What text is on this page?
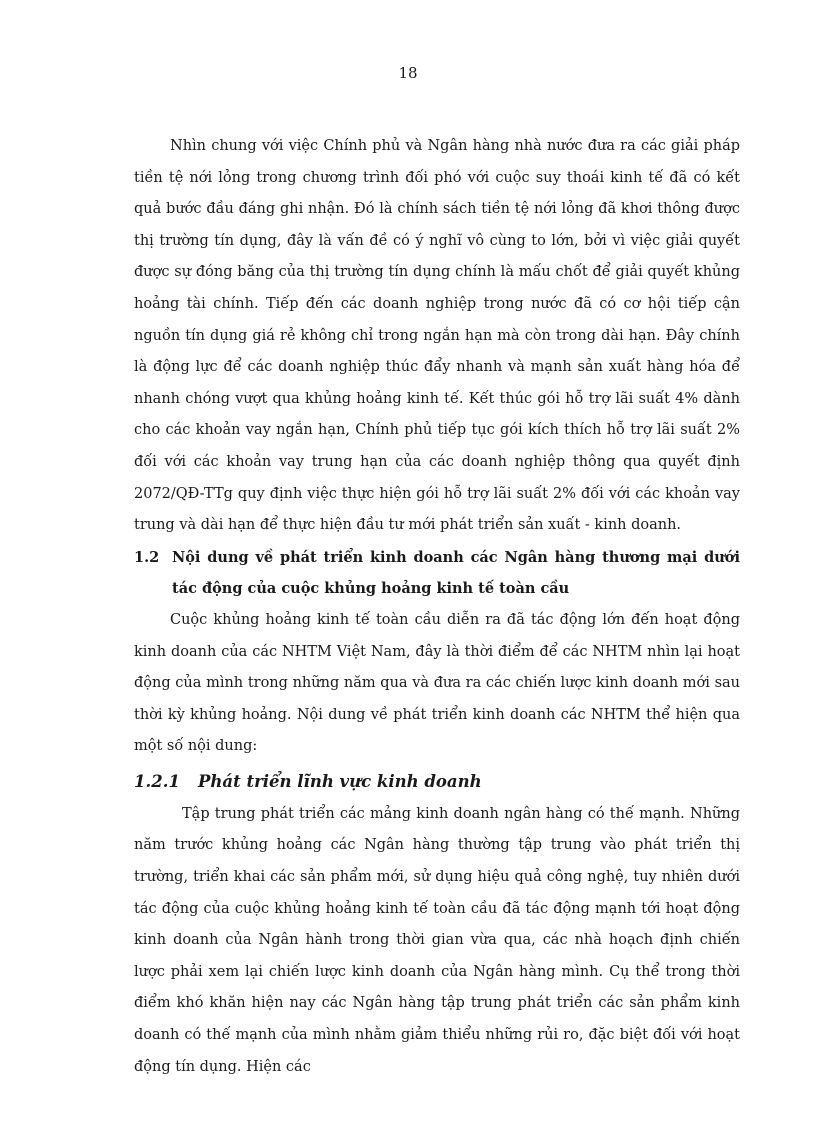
18

Nhìn chung với việc Chính phủ và Ngân hàng nhà nước đưa ra các giải pháp tiền tệ nới lỏng trong chương trình đối phó với cuộc suy thoái kinh tế đã có kết quả bước đầu đáng ghi nhận. Đó là chính sách tiền tệ nới lỏng đã khơi thông được thị trường tín dụng, đây là vấn đề có ý nghĩ vô cùng to lớn, bởi vì việc giải quyết được sự đóng băng của thị trường tín dụng chính là mấu chốt để giải quyết khủng hoảng tài chính. Tiếp đến các doanh nghiệp trong nước đã có cơ hội tiếp cận nguồn tín dụng giá rẻ không chỉ trong ngắn hạn mà còn trong dài hạn. Đây chính là động lực để các doanh nghiệp thúc đẩy nhanh và mạnh sản xuất hàng hóa để nhanh chóng vượt qua khủng hoảng kinh tế. Kết thúc gói hỗ trợ lãi suất 4% dành cho các khoản vay ngắn hạn, Chính phủ tiếp tục gói kích thích hỗ trợ lãi suất 2% đối với các khoản vay trung hạn của các doanh nghiệp thông qua quyết định 2072/QĐ-TTg quy định việc thực hiện gói hỗ trợ lãi suất 2% đối với các khoản vay trung và dài hạn để thực hiện đầu tư mới phát triển sản xuất - kinh doanh.

1.2 Nội dung về phát triển kinh doanh các Ngân hàng thương mại dưới tác động của cuộc khủng hoảng kinh tế toàn cầu

Cuộc khủng hoảng kinh tế toàn cầu diễn ra đã tác động lớn đến hoạt động kinh doanh của các NHTM Việt Nam, đây là thời điểm để các NHTM nhìn lại hoạt động của mình trong những năm qua và đưa ra các chiến lược kinh doanh mới sau thời kỳ khủng hoảng. Nội dung về phát triển kinh doanh các NHTM thể hiện qua một số nội dung:

1.2.1 Phát triển lĩnh vực kinh doanh

Tập trung phát triển các mảng kinh doanh ngân hàng có thế mạnh. Những năm trước khủng hoảng các Ngân hàng thường tập trung vào phát triển thị trường, triển khai các sản phẩm mới, sử dụng hiệu quả công nghệ, tuy nhiên dưới tác động của cuộc khủng hoảng kinh tế toàn cầu đã tác động mạnh tới hoạt động kinh doanh của Ngân hành trong thời gian vừa qua, các nhà hoạch định chiến lược phải xem lại chiến lược kinh doanh của Ngân hàng mình. Cụ thể trong thời điểm khó khăn hiện nay các Ngân hàng tập trung phát triển các sản phẩm kinh doanh có thế mạnh của mình nhằm giảm thiểu những rủi ro, đặc biệt đối với hoạt động tín dụng. Hiện các
